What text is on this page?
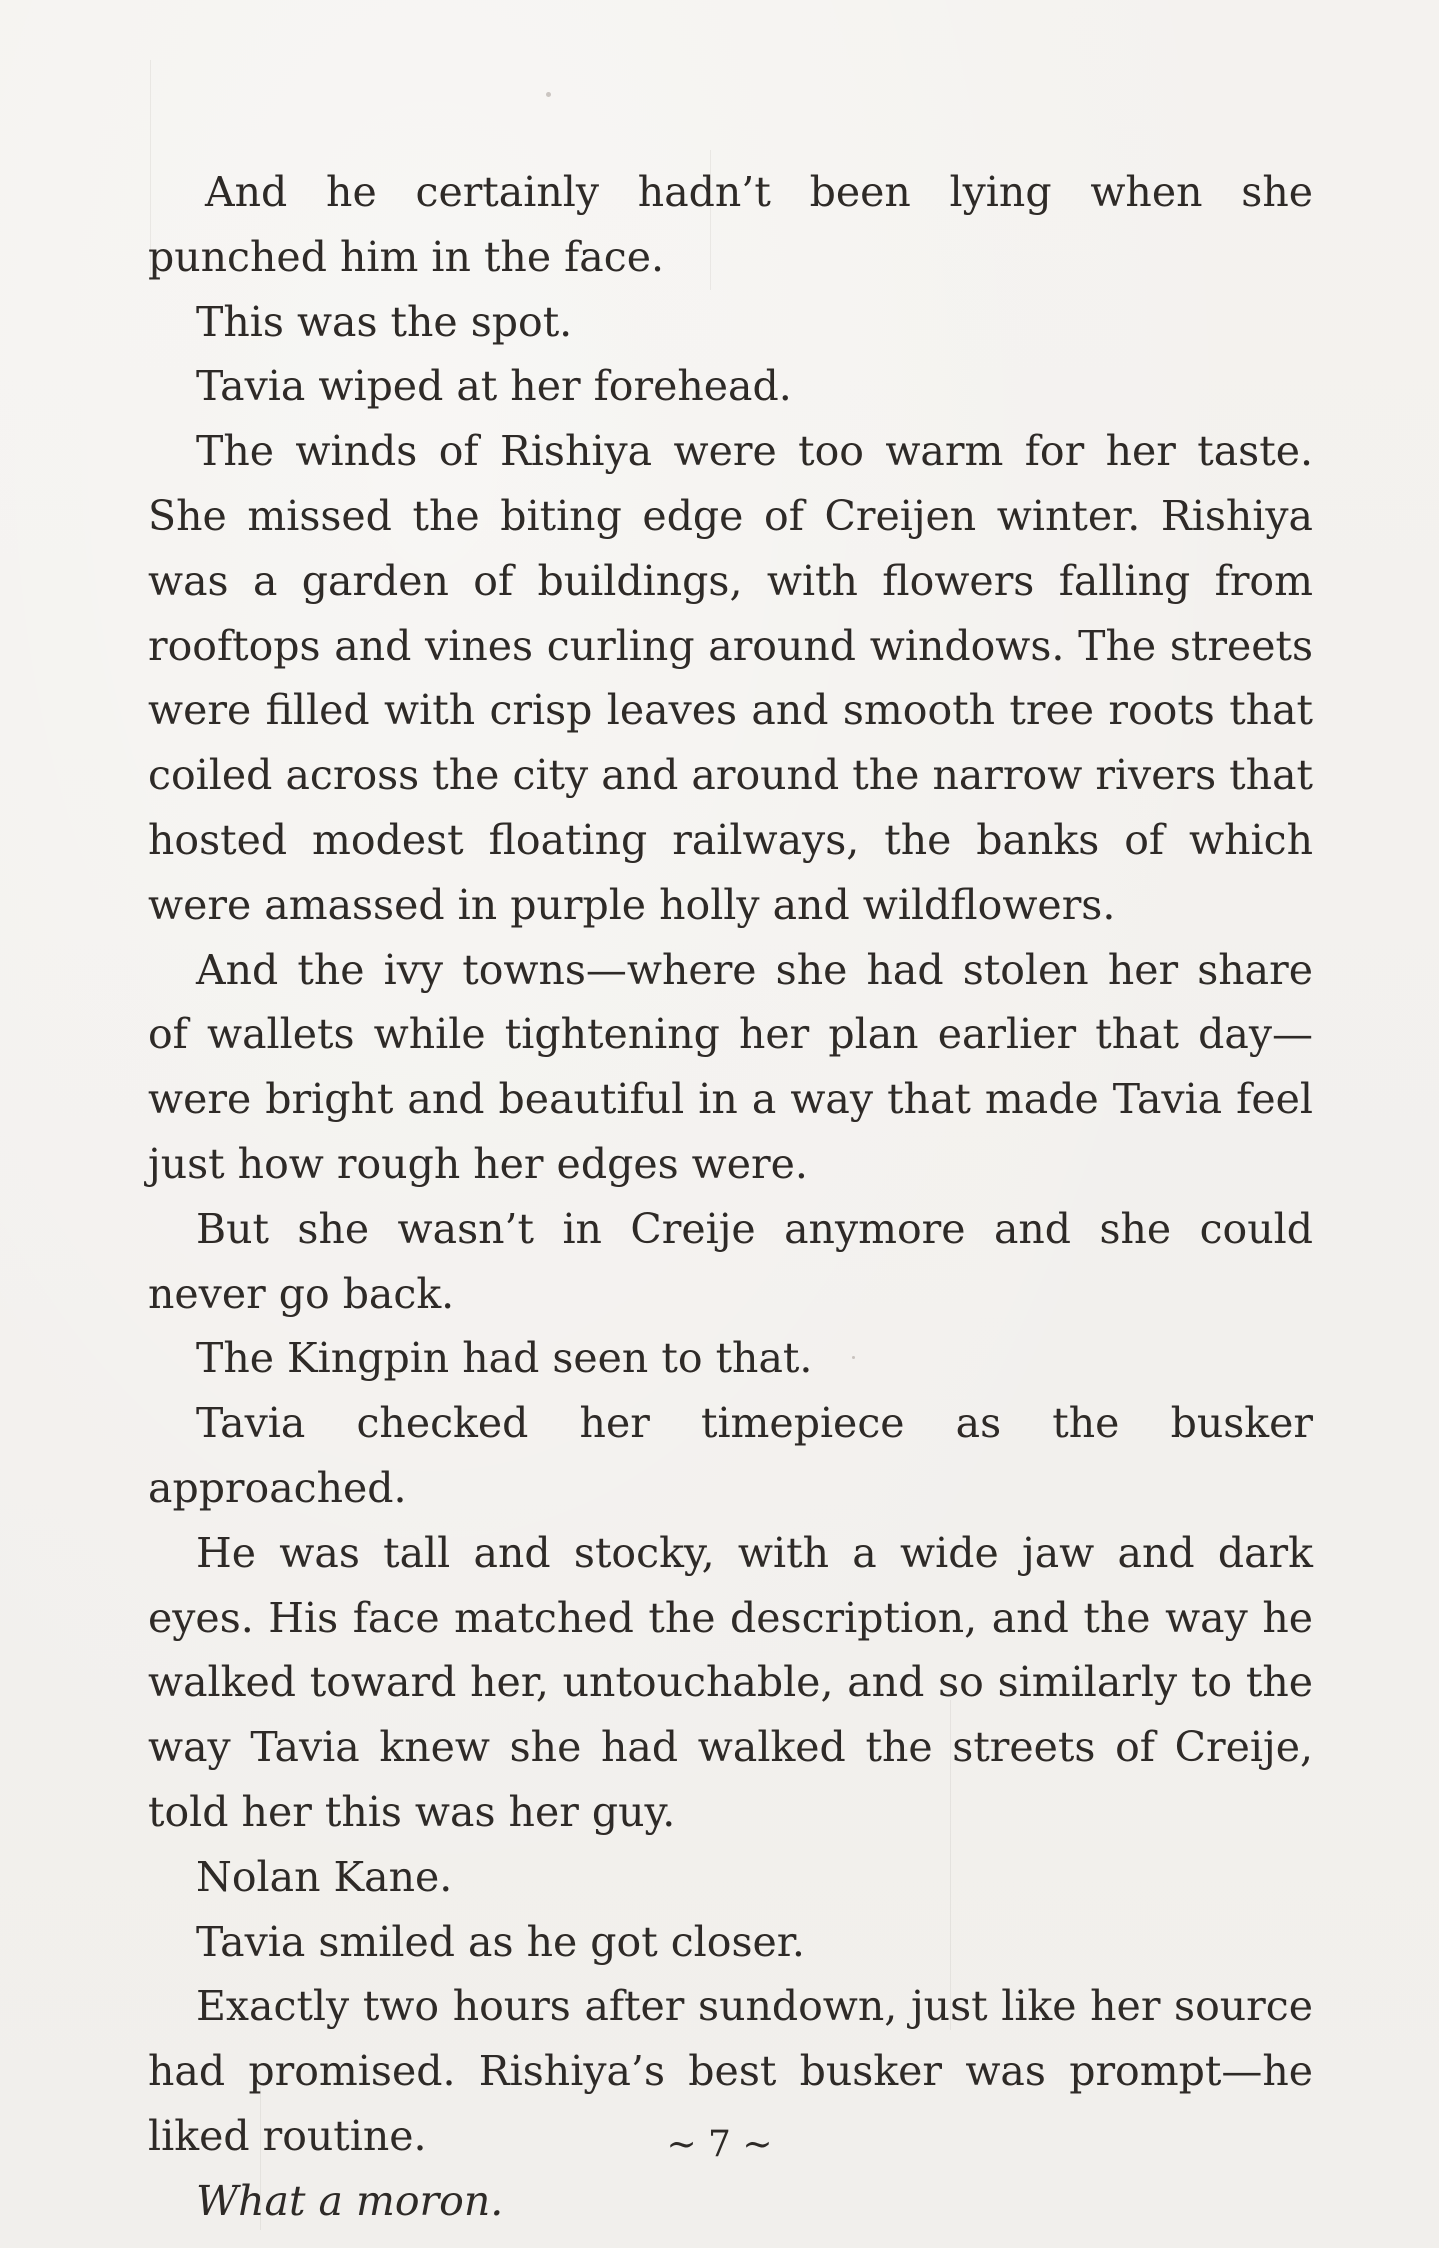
And he certainly hadn’t been lying when she punched him in the face.

This was the spot.

Tavia wiped at her forehead.

The winds of Rishiya were too warm for her taste. She missed the biting edge of Creijen winter. Rishiya was a garden of buildings, with flowers falling from rooftops and vines curling around windows. The streets were filled with crisp leaves and smooth tree roots that coiled across the city and around the narrow rivers that hosted modest floating railways, the banks of which were amassed in purple holly and wildflowers.

And the ivy towns—where she had stolen her share of wallets while tightening her plan earlier that day—were bright and beautiful in a way that made Tavia feel just how rough her edges were.

But she wasn’t in Creije anymore and she could never go back.

The Kingpin had seen to that.

Tavia checked her timepiece as the busker approached.

He was tall and stocky, with a wide jaw and dark eyes. His face matched the description, and the way he walked toward her, untouchable, and so similarly to the way Tavia knew she had walked the streets of Creije, told her this was her guy.

Nolan Kane.

Tavia smiled as he got closer.

Exactly two hours after sundown, just like her source had promised. Rishiya’s best busker was prompt—he liked routine.

What a moron.

~ 7 ~
